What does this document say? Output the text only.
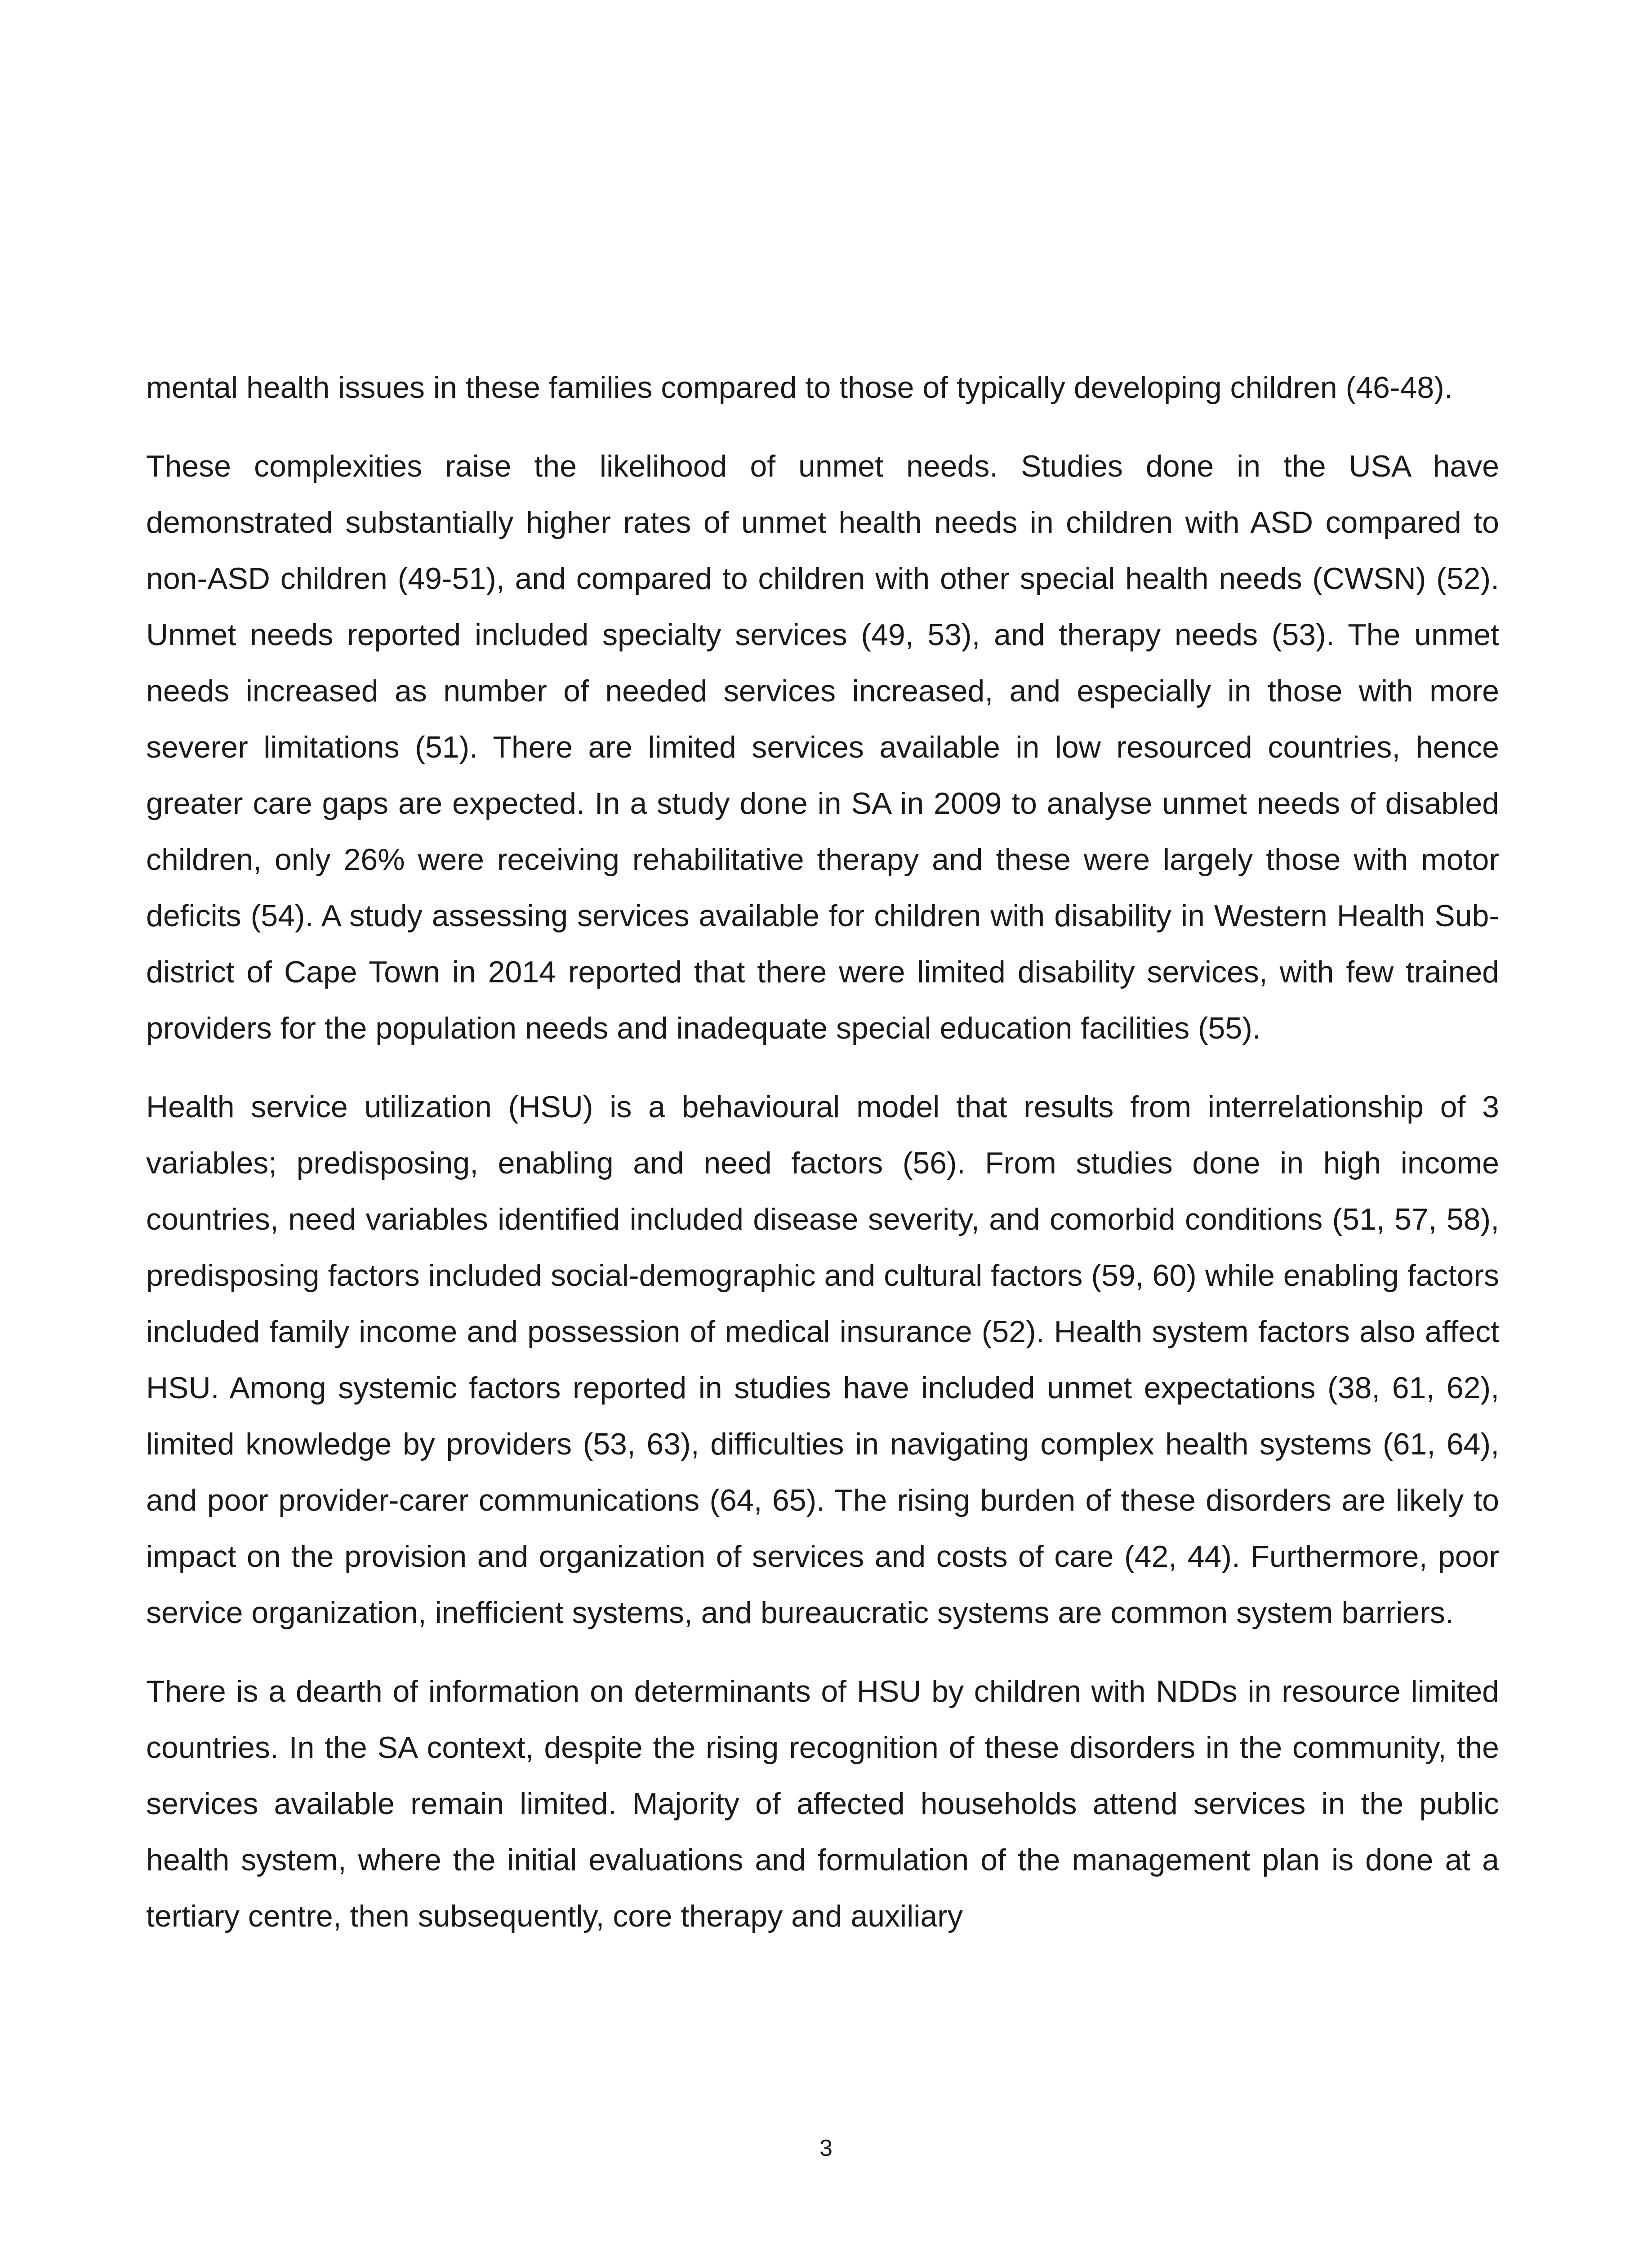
mental health issues in these families compared to those of typically developing children (46-48).

These complexities raise the likelihood of unmet needs. Studies done in the USA have demonstrated substantially higher rates of unmet health needs in children with ASD compared to non-ASD children (49-51), and compared to children with other special health needs (CWSN) (52). Unmet needs reported included specialty services (49, 53), and therapy needs (53). The unmet needs increased as number of needed services increased, and especially in those with more severer limitations (51). There are limited services available in low resourced countries, hence greater care gaps are expected. In a study done in SA in 2009 to analyse unmet needs of disabled children, only 26% were receiving rehabilitative therapy and these were largely those with motor deficits (54). A study assessing services available for children with disability in Western Health Sub-district of Cape Town in 2014 reported that there were limited disability services, with few trained providers for the population needs and inadequate special education facilities (55).

Health service utilization (HSU) is a behavioural model that results from interrelationship of 3 variables; predisposing, enabling and need factors (56). From studies done in high income countries, need variables identified included disease severity, and comorbid conditions (51, 57, 58), predisposing factors included social-demographic and cultural factors (59, 60) while enabling factors included family income and possession of medical insurance (52). Health system factors also affect HSU. Among systemic factors reported in studies have included unmet expectations (38, 61, 62), limited knowledge by providers (53, 63), difficulties in navigating complex health systems (61, 64), and poor provider-carer communications (64, 65). The rising burden of these disorders are likely to impact on the provision and organization of services and costs of care (42, 44). Furthermore, poor service organization, inefficient systems, and bureaucratic systems are common system barriers.

There is a dearth of information on determinants of HSU by children with NDDs in resource limited countries. In the SA context, despite the rising recognition of these disorders in the community, the services available remain limited. Majority of affected households attend services in the public health system, where the initial evaluations and formulation of the management plan is done at a tertiary centre, then subsequently, core therapy and auxiliary

3
